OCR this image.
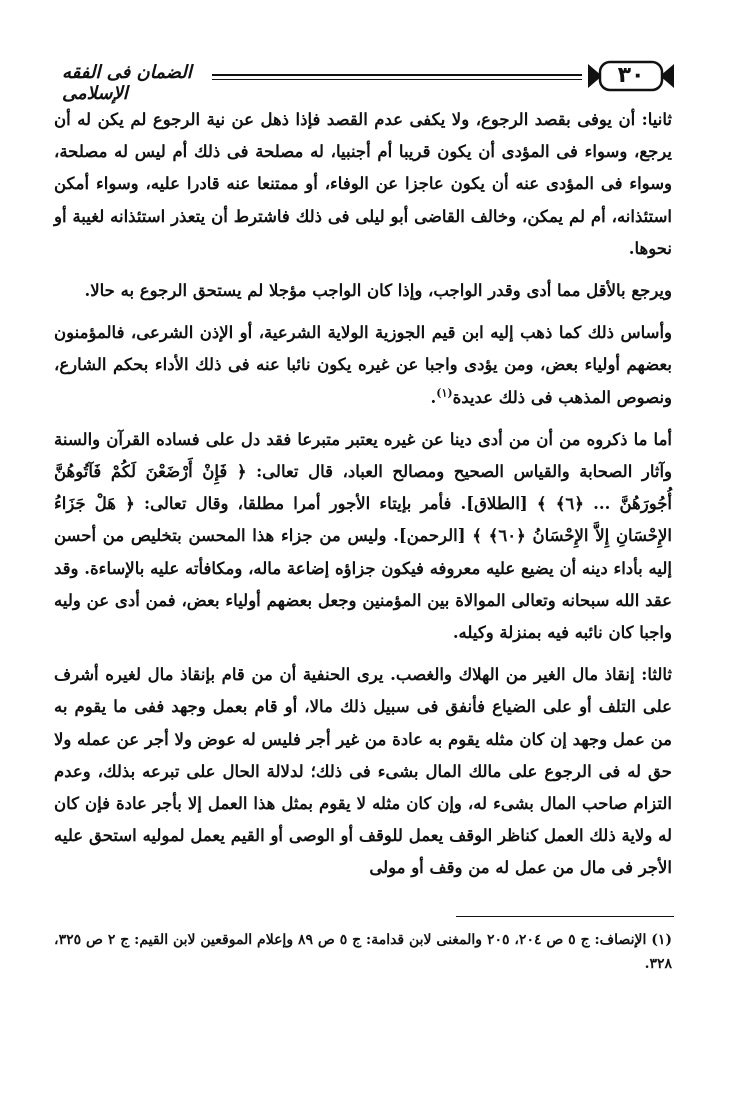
٣٠
الضمان فى الفقه الإسلامى

ثانيا: أن يوفى بقصد الرجوع، ولا يكفى عدم القصد فإذا ذهل عن نية الرجوع لم يكن له أن يرجع، وسواء فى المؤدى أن يكون قريبا أم أجنبيا، له مصلحة فى ذلك أم ليس له مصلحة، وسواء فى المؤدى عنه أن يكون عاجزا عن الوفاء، أو ممتنعا عنه قادرا عليه، وسواء أمكن استئذانه، أم لم يمكن، وخالف القاضى أبو ليلى فى ذلك فاشترط أن يتعذر استئذانه لغيبة أو نحوها.

ويرجع بالأقل مما أدى وقدر الواجب، وإذا كان الواجب مؤجلا لم يستحق الرجوع به حالا.

وأساس ذلك كما ذهب إليه ابن قيم الجوزية الولاية الشرعية، أو الإذن الشرعى، فالمؤمنون بعضهم أولياء بعض، ومن يؤدى واجبا عن غيره يكون نائبا عنه فى ذلك الأداء بحكم الشارع، ونصوص المذهب فى ذلك عديدة$^{(١)}$.

أما ما ذكروه من أن من أدى دينا عن غيره يعتبر متبرعا فقد دل على فساده القرآن والسنة وآثار الصحابة والقياس الصحيح ومصالح العباد، قال تعالى: ﴿ فَإِنْ أَرْضَعْنَ لَكُمْ فَآتُوهُنَّ أُجُورَهُنَّ ... ﴿٦﴾ ﴾ [الطلاق]. فأمر بإيتاء الأجور أمرا مطلقا، وقال تعالى: ﴿ هَلْ جَزَاءُ الإِحْسَانِ إِلاَّ الإِحْسَانُ ﴿٦٠﴾ ﴾ [الرحمن]. وليس من جزاء هذا المحسن بتخليص من أحسن إليه بأداء دينه أن يضيع عليه معروفه فيكون جزاؤه إضاعة ماله، ومكافأته عليه بالإساءة. وقد عقد الله سبحانه وتعالى الموالاة بين المؤمنين وجعل بعضهم أولياء بعض، فمن أدى عن وليه واجبا كان نائبه فيه بمنزلة وكيله.

ثالثا: إنقاذ مال الغير من الهلاك والغصب. يرى الحنفية أن من قام بإنقاذ مال لغيره أشرف على التلف أو على الضياع فأنفق فى سبيل ذلك مالا، أو قام بعمل وجهد ففى ما يقوم به من عمل وجهد إن كان مثله يقوم به عادة من غير أجر فليس له عوض ولا أجر عن عمله ولا حق له فى الرجوع على مالك المال بشىء فى ذلك؛ لدلالة الحال على تبرعه بذلك، وعدم التزام صاحب المال بشىء له، وإن كان مثله لا يقوم بمثل هذا العمل إلا بأجر عادة فإن كان له ولاية ذلك العمل كناظر الوقف يعمل للوقف أو الوصى أو القيم يعمل لموليه استحق عليه الأجر فى مال من عمل له من وقف أو مولى

(١) الإنصاف: ج ٥ ص ٢٠٤، ٢٠٥ والمغنى لابن قدامة: ج ٥ ص ٨٩ وإعلام الموقعين لابن القيم: ج ٢ ص ٣٢٥، ٣٢٨.
